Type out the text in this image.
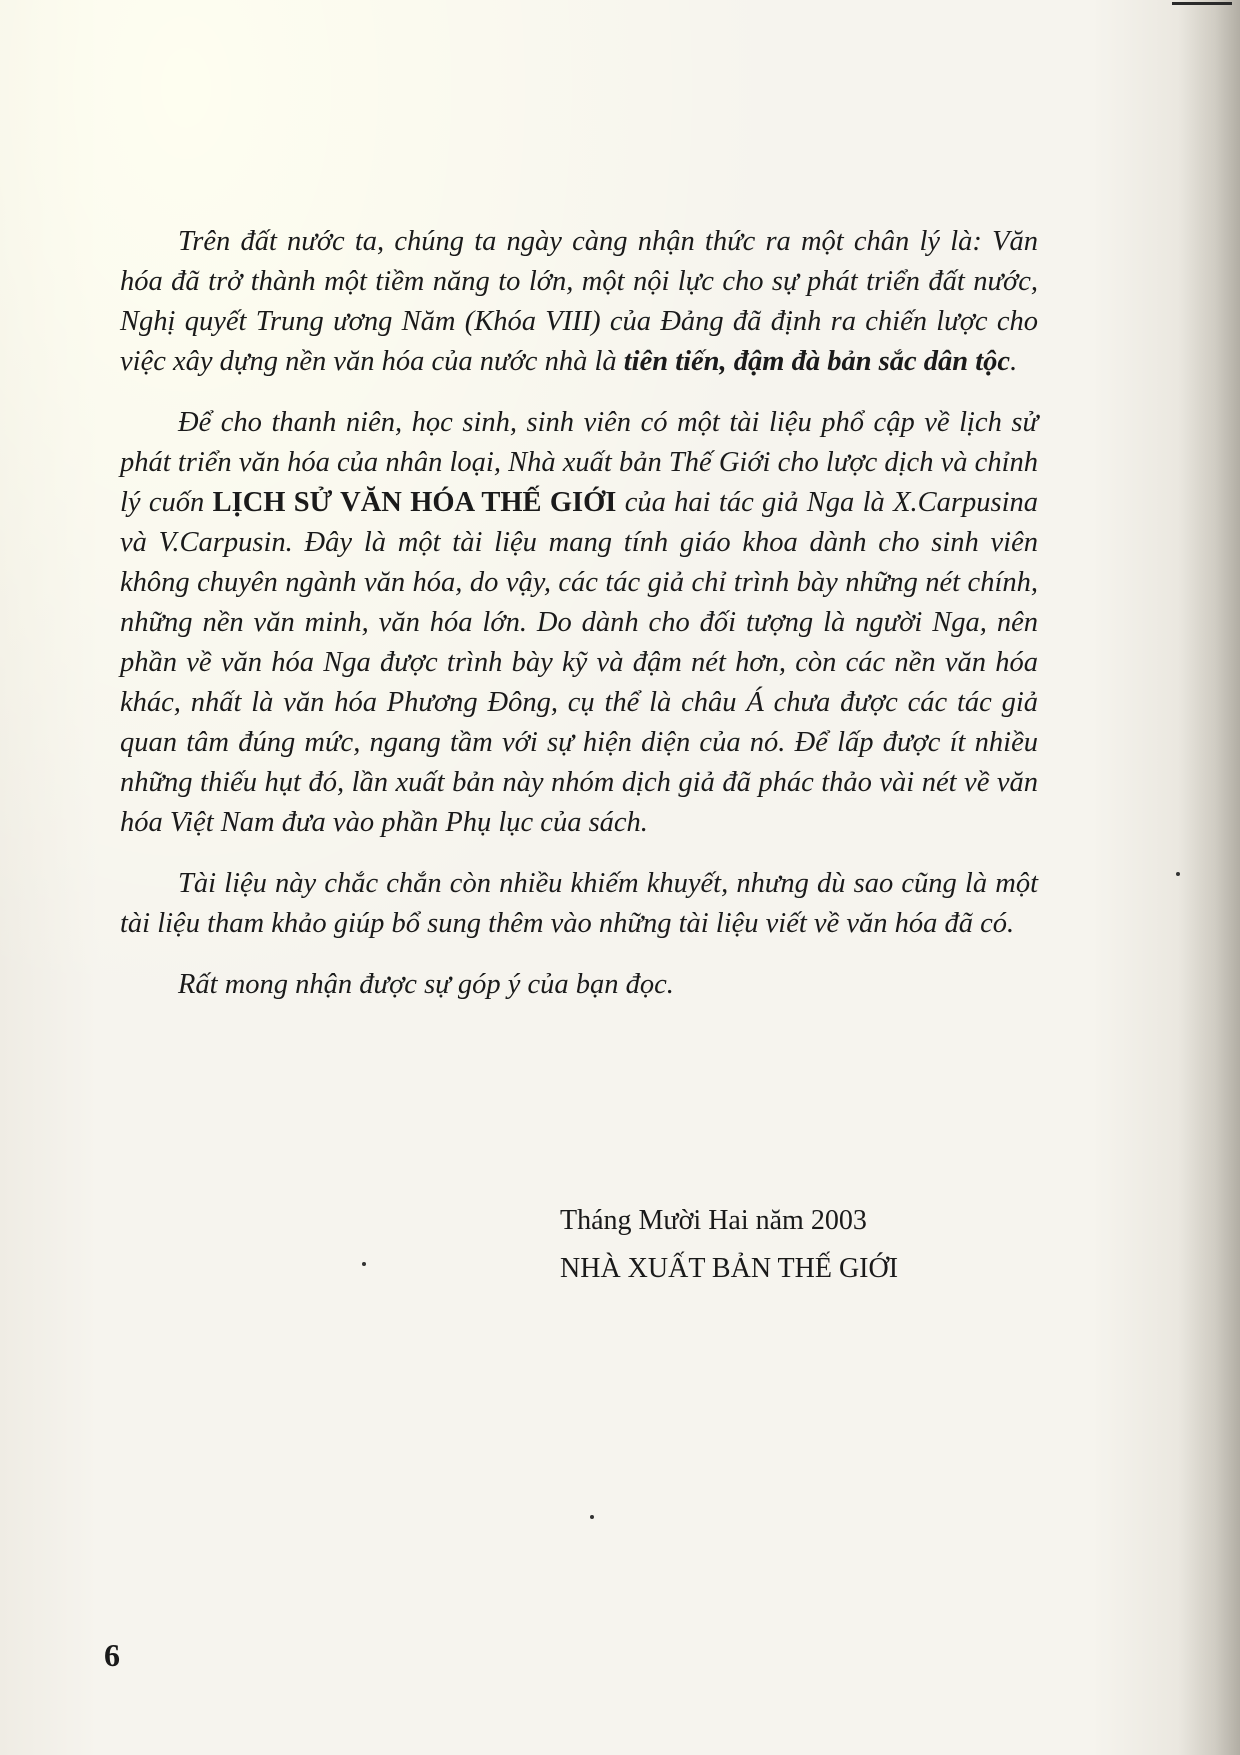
Trên đất nước ta, chúng ta ngày càng nhận thức ra một chân lý là: Văn hóa đã trở thành một tiềm năng to lớn, một nội lực cho sự phát triển đất nước, Nghị quyết Trung ương Năm (Khóa VIII) của Đảng đã định ra chiến lược cho việc xây dựng nền văn hóa của nước nhà là tiên tiến, đậm đà bản sắc dân tộc.

Để cho thanh niên, học sinh, sinh viên có một tài liệu phổ cập về lịch sử phát triển văn hóa của nhân loại, Nhà xuất bản Thế Giới cho lược dịch và chỉnh lý cuốn LỊCH SỬ VĂN HÓA THẾ GIỚI của hai tác giả Nga là X.Carpusina và V.Carpusin. Đây là một tài liệu mang tính giáo khoa dành cho sinh viên không chuyên ngành văn hóa, do vậy, các tác giả chỉ trình bày những nét chính, những nền văn minh, văn hóa lớn. Do dành cho đối tượng là người Nga, nên phần về văn hóa Nga được trình bày kỹ và đậm nét hơn, còn các nền văn hóa khác, nhất là văn hóa Phương Đông, cụ thể là châu Á chưa được các tác giả quan tâm đúng mức, ngang tầm với sự hiện diện của nó. Để lấp được ít nhiều những thiếu hụt đó, lần xuất bản này nhóm dịch giả đã phác thảo vài nét về văn hóa Việt Nam đưa vào phần Phụ lục của sách.

Tài liệu này chắc chắn còn nhiều khiếm khuyết, nhưng dù sao cũng là một tài liệu tham khảo giúp bổ sung thêm vào những tài liệu viết về văn hóa đã có.

Rất mong nhận được sự góp ý của bạn đọc.

Tháng Mười Hai năm 2003
NHÀ XUẤT BẢN THẾ GIỚI
6
